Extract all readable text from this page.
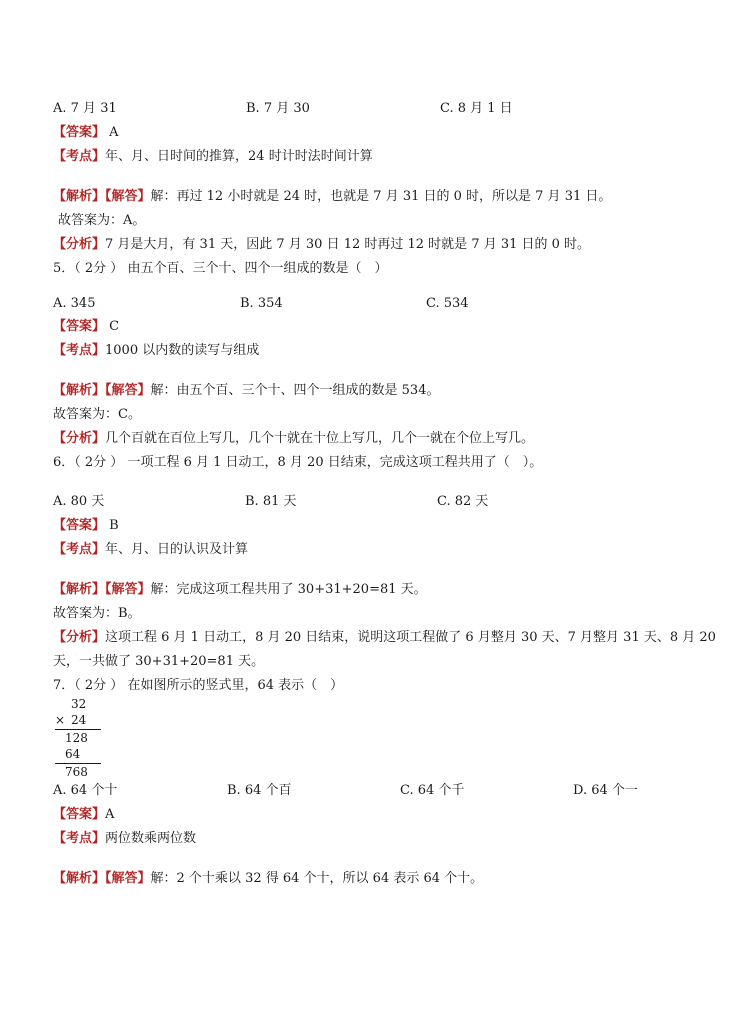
A. 7 月 31	B. 7 月 30	C. 8 月 1 日
【答案】 A
【考点】年、月、日时间的推算，24 时计时法时间计算
【解析】【解答】解：再过 12 小时就是 24 时，也就是 7 月 31 日的 0 时，所以是 7 月 31 日。
故答案为：A。
【分析】7 月是大月，有 31 天，因此 7 月 30 日 12 时再过 12 时就是 7 月 31 日的 0 时。
5．（ 2分 ） 由五个百、三个十、四个一组成的数是（　）
A. 345	B. 354	C. 534
【答案】 C
【考点】1000 以内数的读写与组成
【解析】【解答】解：由五个百、三个十、四个一组成的数是 534。
故答案为：C。
【分析】几个百就在百位上写几，几个十就在十位上写几，几个一就在个位上写几。
6．（ 2分 ） 一项工程 6 月 1 日动工，8 月 20 日结束，完成这项工程共用了（　）。
A. 80 天	B. 81 天	C. 82 天
【答案】 B
【考点】年、月、日的认识及计算
【解析】【解答】解：完成这项工程共用了 30+31+20=81 天。
故答案为：B。
【分析】这项工程 6 月 1 日动工，8 月 20 日结束，说明这项工程做了 6 月整月 30 天、7 月整月 31 天、8 月 20
天，一共做了 30+31+20=81 天。
7．（ 2分 ） 在如图所示的竖式里，64 表示（　）
32
× 24
128
64
768
A. 64 个十	B. 64 个百	C. 64 个千	D. 64 个一
【答案】A
【考点】两位数乘两位数
【解析】【解答】解：2 个十乘以 32 得 64 个十，所以 64 表示 64 个十。
